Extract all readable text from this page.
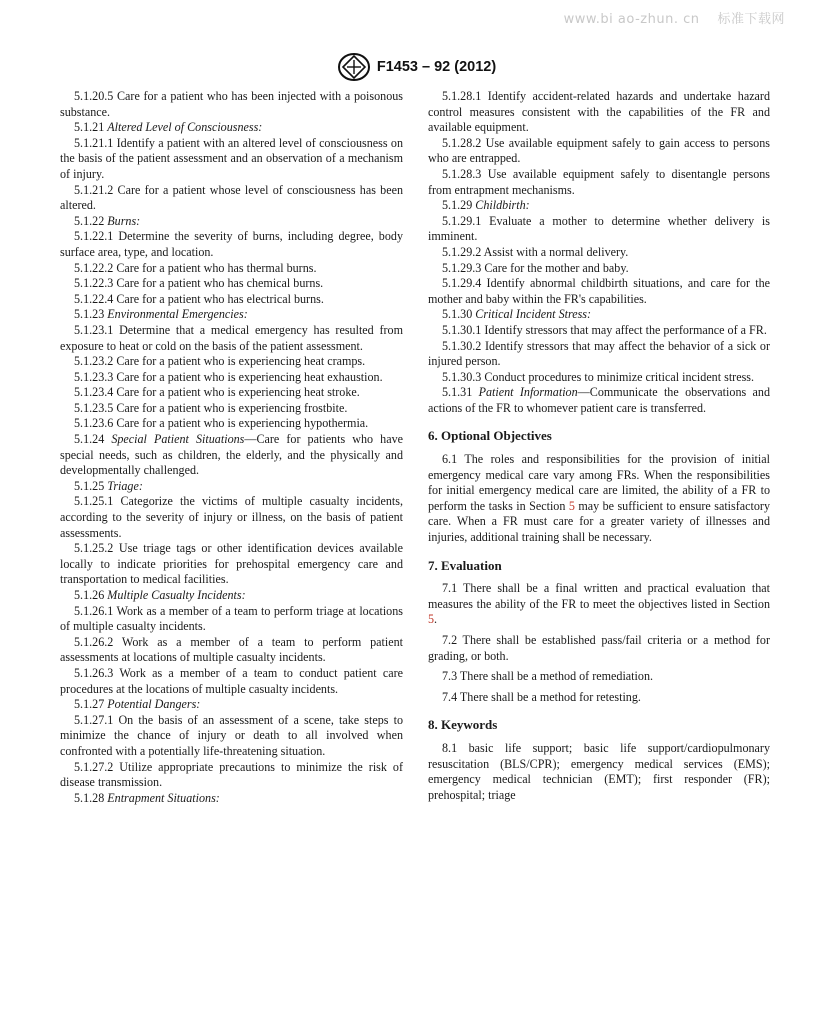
www.bi ao-zhun. cn 标准下载网
F1453 – 92 (2012)

5.1.20.5 Care for a patient who has been injected with a poisonous substance.

5.1.21 Altered Level of Consciousness:

5.1.21.1 Identify a patient with an altered level of consciousness on the basis of the patient assessment and an observation of a mechanism of injury.

5.1.21.2 Care for a patient whose level of consciousness has been altered.

5.1.22 Burns:

5.1.22.1 Determine the severity of burns, including degree, body surface area, type, and location.

5.1.22.2 Care for a patient who has thermal burns.

5.1.22.3 Care for a patient who has chemical burns.

5.1.22.4 Care for a patient who has electrical burns.

5.1.23 Environmental Emergencies:

5.1.23.1 Determine that a medical emergency has resulted from exposure to heat or cold on the basis of the patient assessment.

5.1.23.2 Care for a patient who is experiencing heat cramps.

5.1.23.3 Care for a patient who is experiencing heat exhaustion.

5.1.23.4 Care for a patient who is experiencing heat stroke.

5.1.23.5 Care for a patient who is experiencing frostbite.

5.1.23.6 Care for a patient who is experiencing hypothermia.

5.1.24 Special Patient Situations—Care for patients who have special needs, such as children, the elderly, and the physically and developmentally challenged.

5.1.25 Triage:

5.1.25.1 Categorize the victims of multiple casualty incidents, according to the severity of injury or illness, on the basis of patient assessments.

5.1.25.2 Use triage tags or other identification devices available locally to indicate priorities for prehospital emergency care and transportation to medical facilities.

5.1.26 Multiple Casualty Incidents:

5.1.26.1 Work as a member of a team to perform triage at locations of multiple casualty incidents.

5.1.26.2 Work as a member of a team to perform patient assessments at locations of multiple casualty incidents.

5.1.26.3 Work as a member of a team to conduct patient care procedures at the locations of multiple casualty incidents.

5.1.27 Potential Dangers:

5.1.27.1 On the basis of an assessment of a scene, take steps to minimize the chance of injury or death to all involved when confronted with a potentially life-threatening situation.

5.1.27.2 Utilize appropriate precautions to minimize the risk of disease transmission.

5.1.28 Entrapment Situations:

5.1.28.1 Identify accident-related hazards and undertake hazard control measures consistent with the capabilities of the FR and available equipment.

5.1.28.2 Use available equipment safely to gain access to persons who are entrapped.

5.1.28.3 Use available equipment safely to disentangle persons from entrapment mechanisms.

5.1.29 Childbirth:

5.1.29.1 Evaluate a mother to determine whether delivery is imminent.

5.1.29.2 Assist with a normal delivery.

5.1.29.3 Care for the mother and baby.

5.1.29.4 Identify abnormal childbirth situations, and care for the mother and baby within the FR's capabilities.

5.1.30 Critical Incident Stress:

5.1.30.1 Identify stressors that may affect the performance of a FR.

5.1.30.2 Identify stressors that may affect the behavior of a sick or injured person.

5.1.30.3 Conduct procedures to minimize critical incident stress.

5.1.31 Patient Information—Communicate the observations and actions of the FR to whomever patient care is transferred.

6. Optional Objectives

6.1 The roles and responsibilities for the provision of initial emergency medical care vary among FRs. When the responsibilities for initial emergency medical care are limited, the ability of a FR to perform the tasks in Section 5 may be sufficient to ensure satisfactory care. When a FR must care for a greater variety of illnesses and injuries, additional training shall be necessary.

7. Evaluation

7.1 There shall be a final written and practical evaluation that measures the ability of the FR to meet the objectives listed in Section 5.

7.2 There shall be established pass/fail criteria or a method for grading, or both.

7.3 There shall be a method of remediation.

7.4 There shall be a method for retesting.

8. Keywords

8.1 basic life support; basic life support/cardiopulmonary resuscitation (BLS/CPR); emergency medical services (EMS); emergency medical technician (EMT); first responder (FR); prehospital; triage
